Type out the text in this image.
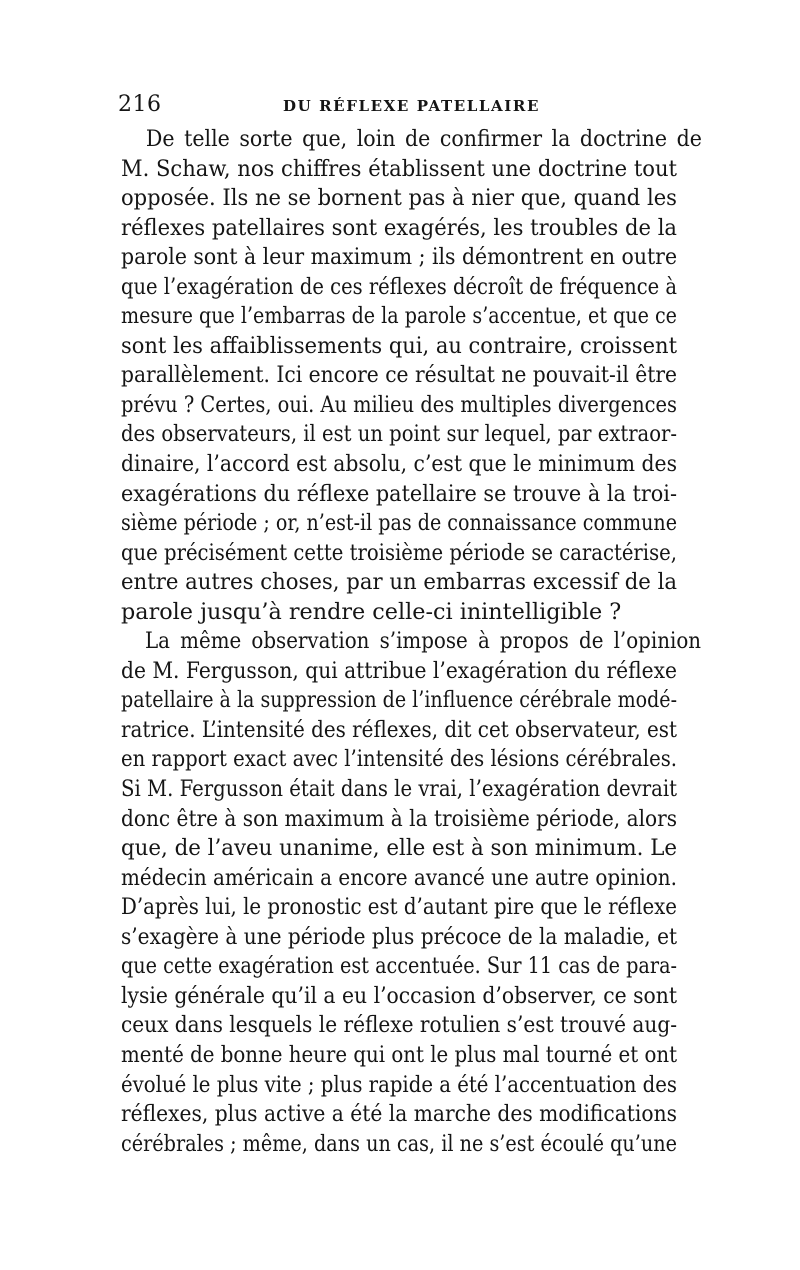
216	DU RÉFLEXE PATELLAIRE
De telle sorte que, loin de confirmer la doctrine de
M. Schaw, nos chiffres établissent une doctrine tout
opposée. Ils ne se bornent pas à nier que, quand les
réflexes patellaires sont exagérés, les troubles de la
parole sont à leur maximum ; ils démontrent en outre
que l’exagération de ces réflexes décroît de fréquence à
mesure que l’embarras de la parole s’accentue, et que ce
sont les affaiblissements qui, au contraire, croissent
parallèlement. Ici encore ce résultat ne pouvait-il être
prévu ? Certes, oui. Au milieu des multiples divergences
des observateurs, il est un point sur lequel, par extraor-
dinaire, l’accord est absolu, c’est que le minimum des
exagérations du réflexe patellaire se trouve à la troi-
sième période ; or, n’est-il pas de connaissance commune
que précisément cette troisième période se caractérise,
entre autres choses, par un embarras excessif de la
parole jusqu’à rendre celle-ci inintelligible ?
La même observation s’impose à propos de l’opinion
de M. Fergusson, qui attribue l’exagération du réflexe
patellaire à la suppression de l’influence cérébrale modé-
ratrice. L’intensité des réflexes, dit cet observateur, est
en rapport exact avec l’intensité des lésions cérébrales.
Si M. Fergusson était dans le vrai, l’exagération devrait
donc être à son maximum à la troisième période, alors
que, de l’aveu unanime, elle est à son minimum. Le
médecin américain a encore avancé une autre opinion.
D’après lui, le pronostic est d’autant pire que le réflexe
s’exagère à une période plus précoce de la maladie, et
que cette exagération est accentuée. Sur 11 cas de para-
lysie générale qu’il a eu l’occasion d’observer, ce sont
ceux dans lesquels le réflexe rotulien s’est trouvé aug-
menté de bonne heure qui ont le plus mal tourné et ont
évolué le plus vite ; plus rapide a été l’accentuation des
réflexes, plus active a été la marche des modifications
cérébrales ; même, dans un cas, il ne s’est écoulé qu’une
